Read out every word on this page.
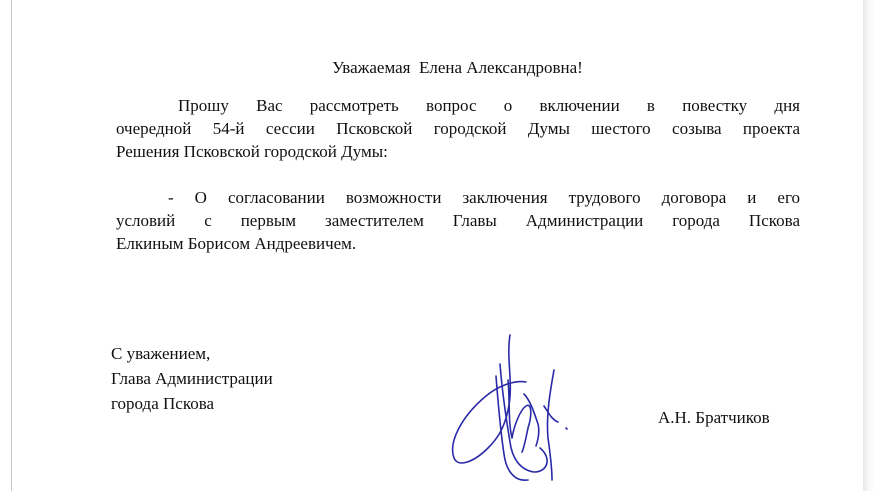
Уважаемая  Елена Александровна!
Прошу Вас рассмотреть вопрос о включении в повестку дня
очередной 54-й сессии Псковской городской Думы шестого созыва проекта
Решения Псковской городской Думы:
- О согласовании возможности заключения трудового договора и его
условий с первым заместителем Главы Администрации города Пскова
Елкиным Борисом Андреевичем.
С уважением,
Глава Администрации
города Пскова
А.Н. Братчиков
